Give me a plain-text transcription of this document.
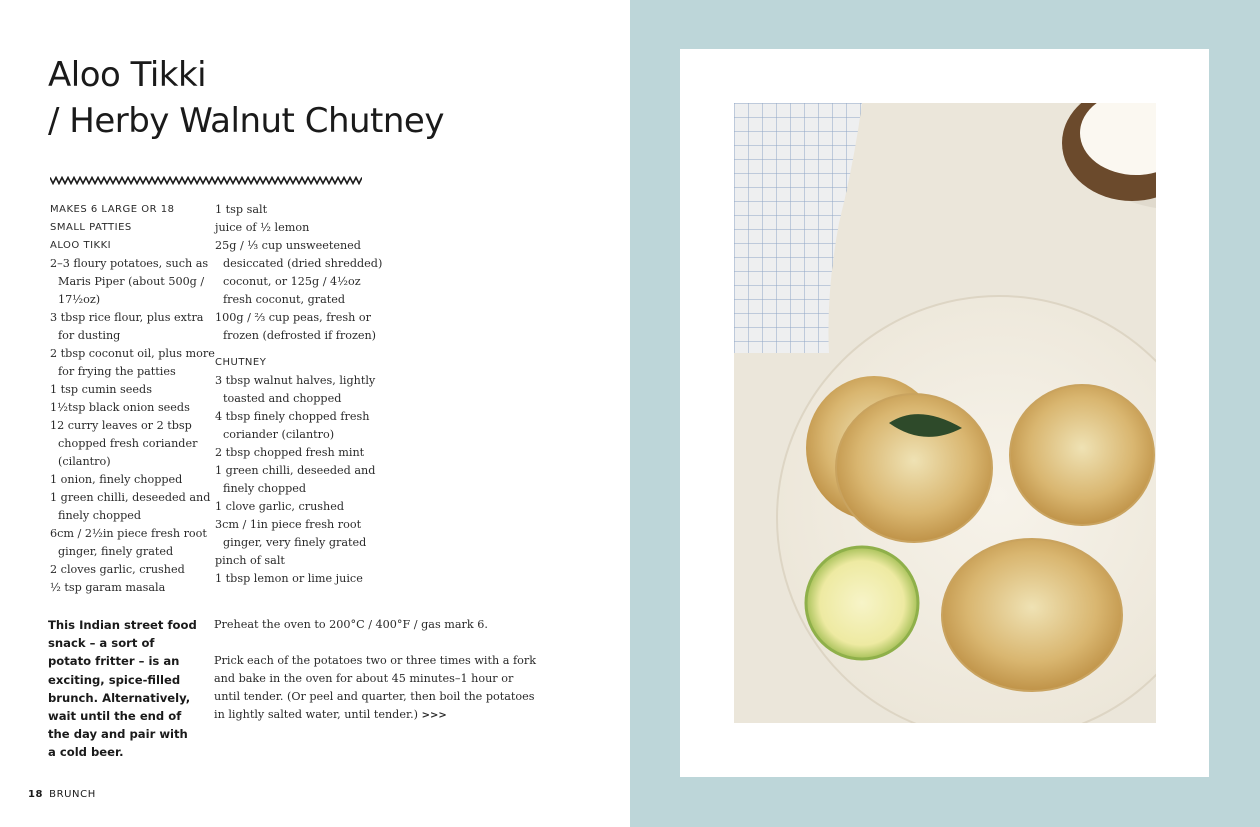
Aloo Tikki
/ Herby Walnut Chutney
MAKES 6 LARGE OR 18
SMALL PATTIES
ALOO TIKKI
2–3 floury potatoes, such as
Maris Piper (about 500g /
17½oz)
3 tbsp rice flour, plus extra
for dusting
2 tbsp coconut oil, plus more
for frying the patties
1 tsp cumin seeds
1½tsp black onion seeds
12 curry leaves or 2 tbsp
chopped fresh coriander
(cilantro)
1 onion, finely chopped
1 green chilli, deseeded and
finely chopped
6cm / 2½in piece fresh root
ginger, finely grated
2 cloves garlic, crushed
½ tsp garam masala
1 tsp salt
juice of ½ lemon
25g / ⅓ cup unsweetened
desiccated (dried shredded)
coconut, or 125g / 4½oz
fresh coconut, grated
100g / ⅔ cup peas, fresh or
frozen (defrosted if frozen)
CHUTNEY
3 tbsp walnut halves, lightly
toasted and chopped
4 tbsp finely chopped fresh
coriander (cilantro)
2 tbsp chopped fresh mint
1 green chilli, deseeded and
finely chopped
1 clove garlic, crushed
3cm / 1in piece fresh root
ginger, very finely grated
pinch of salt
1 tbsp lemon or lime juice

This Indian street food snack – a sort of potato fritter – is an exciting, spice-filled brunch. Alternatively, wait until the end of the day and pair with a cold beer.

Preheat the oven to 200°C / 400°F / gas mark 6.

Prick each of the potatoes two or three times with a fork
and bake in the oven for about 45 minutes–1 hour or
until tender. (Or peel and quarter, then boil the potatoes
in lightly salted water, until tender.) >>>

18 BRUNCH
